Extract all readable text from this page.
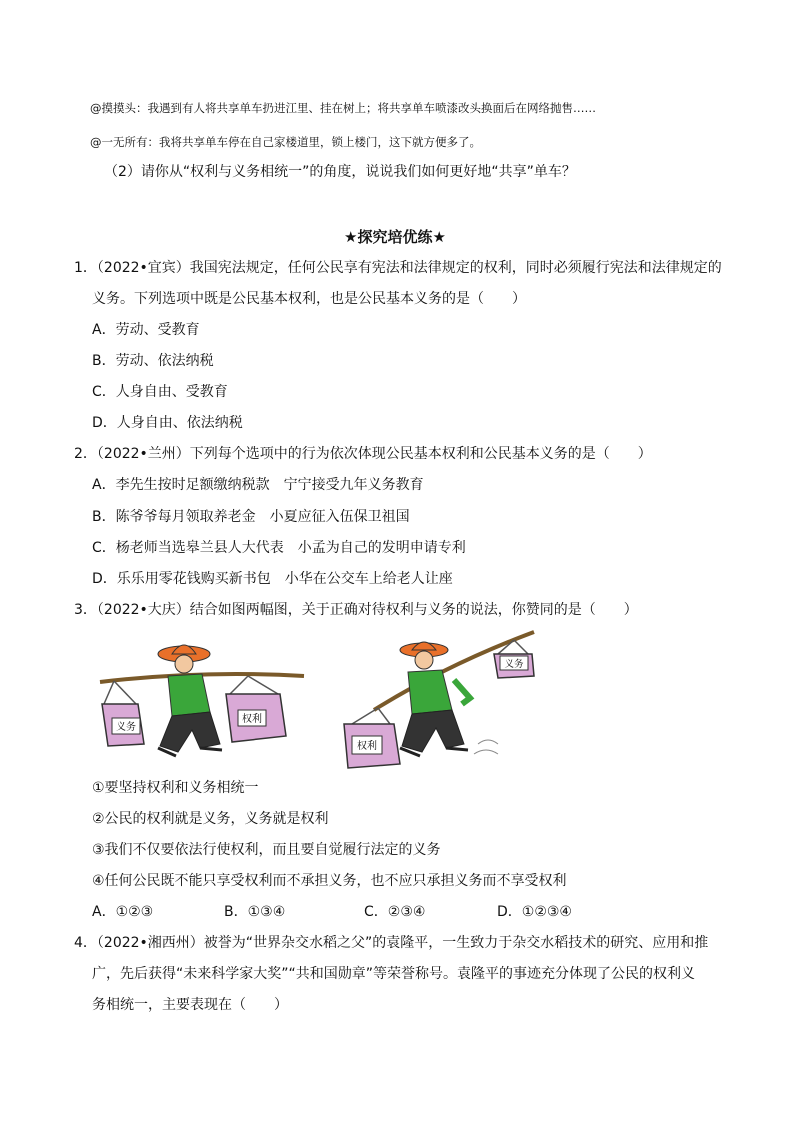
@摸摸头：我遇到有人将共享单车扔进江里、挂在树上；将共享单车喷漆改头换面后在网络抛售……
@一无所有：我将共享单车停在自己家楼道里，锁上楼门，这下就方便多了。
（2）请你从“权利与义务相统一”的角度，说说我们如何更好地“共享”单车？
★探究培优练★
1．（2022•宜宾）我国宪法规定，任何公民享有宪法和法律规定的权利，同时必须履行宪法和法律规定的
义务。下列选项中既是公民基本权利，也是公民基本义务的是（　　）
A．劳动、受教育
B．劳动、依法纳税
C．人身自由、受教育
D．人身自由、依法纳税
2．（2022•兰州）下列每个选项中的行为依次体现公民基本权利和公民基本义务的是（　　）
A．李先生按时足额缴纳税款　宁宁接受九年义务教育
B．陈爷爷每月领取养老金　小夏应征入伍保卫祖国
C．杨老师当选皋兰县人大代表　小孟为自己的发明申请专利
D．乐乐用零花钱购买新书包　小华在公交车上给老人让座
3．（2022•大庆）结合如图两幅图，关于正确对待权利与义务的说法，你赞同的是（　　）
义务
权利
权利
义务
①要坚持权利和义务相统一
②公民的权利就是义务，义务就是权利
③我们不仅要依法行使权利，而且要自觉履行法定的义务
④任何公民既不能只享受权利而不承担义务，也不应只承担义务而不享受权利
A．①②③	B．①③④	C．②③④	D．①②③④
4．（2022•湘西州）被誉为“世界杂交水稻之父”的袁隆平，一生致力于杂交水稻技术的研究、应用和推
广，先后获得“未来科学家大奖”“共和国勋章”等荣誉称号。袁隆平的事迹充分体现了公民的权利义
务相统一，主要表现在（　　）
